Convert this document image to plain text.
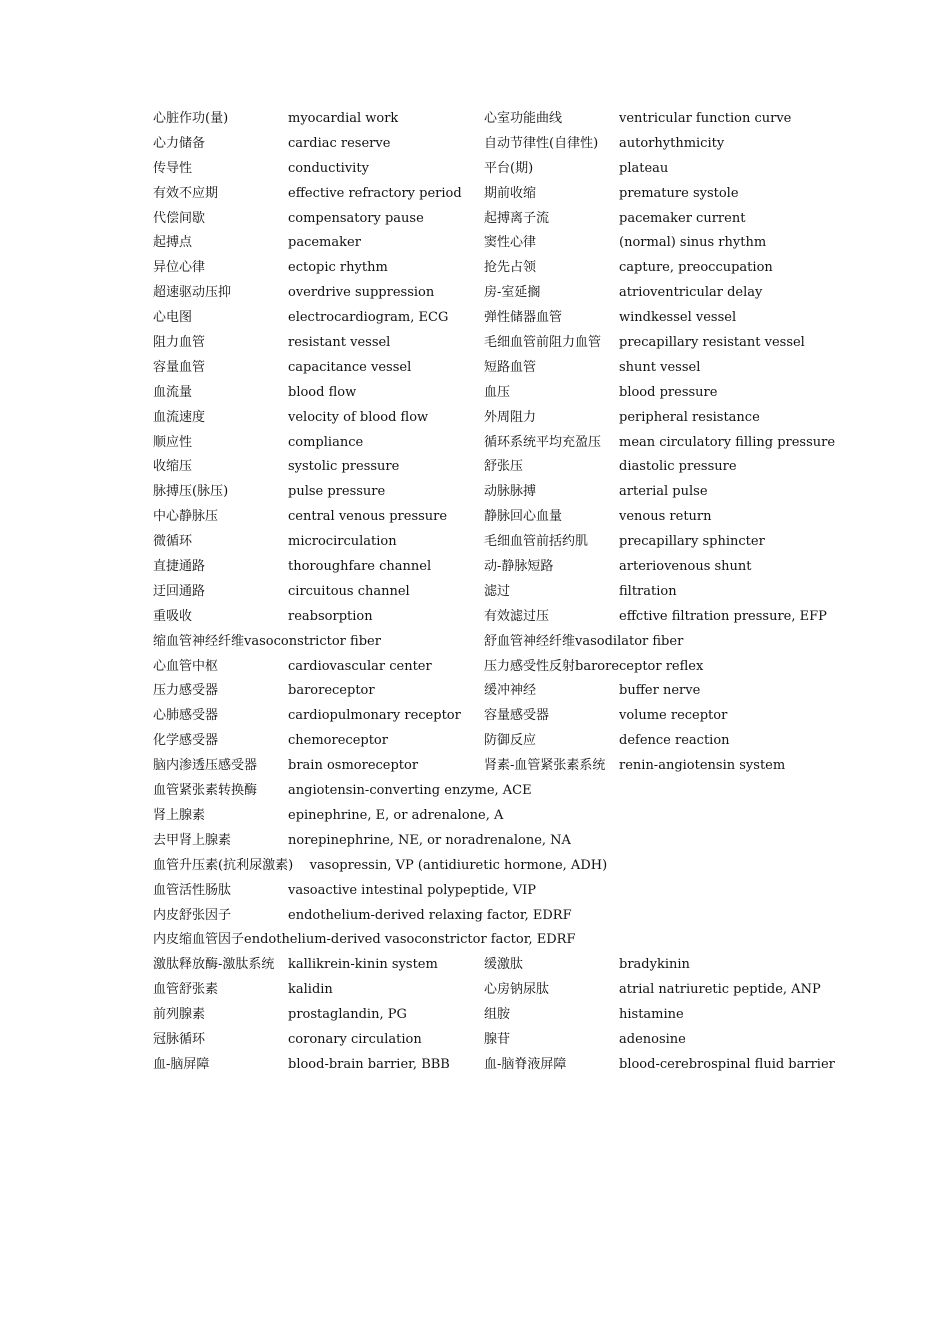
心脏作功(量)	myocardial work	心室功能曲线	ventricular function curve
心力储备	cardiac reserve	自动节律性(自律性) autorhythmicity
传导性	conductivity	平台(期)	plateau
有效不应期	effective refractory period 期前收缩	premature systole
代偿间歇	compensatory pause	起搏离子流	pacemaker current
起搏点	pacemaker	窦性心律	(normal) sinus rhythm
异位心律	ectopic rhythm	抢先占领	capture, preoccupation
超速驱动压抑	overdrive suppression	房-室延搁	atrioventricular delay
心电图	electrocardiogram, ECG	弹性储器血管	windkessel vessel
阻力血管	resistant vessel	毛细血管前阻力血管 precapillary resistant vessel
容量血管	capacitance vessel	短路血管	shunt vessel
血流量	blood flow	血压	blood pressure
血流速度	velocity of blood flow	外周阻力	peripheral resistance
顺应性	compliance	循环系统平均充盈压 mean circulatory filling pressure
收缩压	systolic pressure	舒张压	diastolic pressure
脉搏压(脉压)	pulse pressure	动脉脉搏	arterial pulse
中心静脉压	central venous pressure	静脉回心血量	venous return
微循环	microcirculation	毛细血管前括约肌 precapillary sphincter
直捷通路	thoroughfare channel	动-静脉短路	arteriovenous shunt
迂回通路	circuitous channel	滤过	filtration
重吸收	reabsorption	有效滤过压	effctive filtration pressure, EFP
缩血管神经纤维vasoconstrictor fiber	舒血管神经纤维vasodilator fiber
心血管中枢	cardiovascular center	压力感受性反射baroreceptor reflex
压力感受器	baroreceptor	缓冲神经	buffer nerve
心肺感受器	cardiopulmonary receptor 容量感受器	volume receptor
化学感受器	chemoreceptor	防御反应	defence reaction
脑内渗透压感受器 brain osmoreceptor	肾素-血管紧张素系统 renin-angiotensin system
血管紧张素转换酶 angiotensin-converting enzyme, ACE
肾上腺素	epinephrine, E, or adrenalone, A
去甲肾上腺素	norepinephrine, NE, or noradrenalone, NA
血管升压素(抗利尿激素)    vasopressin, VP (antidiuretic hormone, ADH)
血管活性肠肽	vasoactive intestinal polypeptide, VIP
内皮舒张因子	endothelium-derived relaxing factor, EDRF
内皮缩血管因子endothelium-derived vasoconstrictor factor, EDRF
激肽释放酶-激肽系统 kallikrein-kinin system	缓激肽	bradykinin
血管舒张素	kalidin	心房钠尿肽	atrial natriuretic peptide, ANP
前列腺素	prostaglandin, PG	组胺	histamine
冠脉循环	coronary circulation	腺苷	adenosine
血-脑屏障	blood-brain barrier, BBB	血-脑脊液屏障	blood-cerebrospinal fluid barrier
